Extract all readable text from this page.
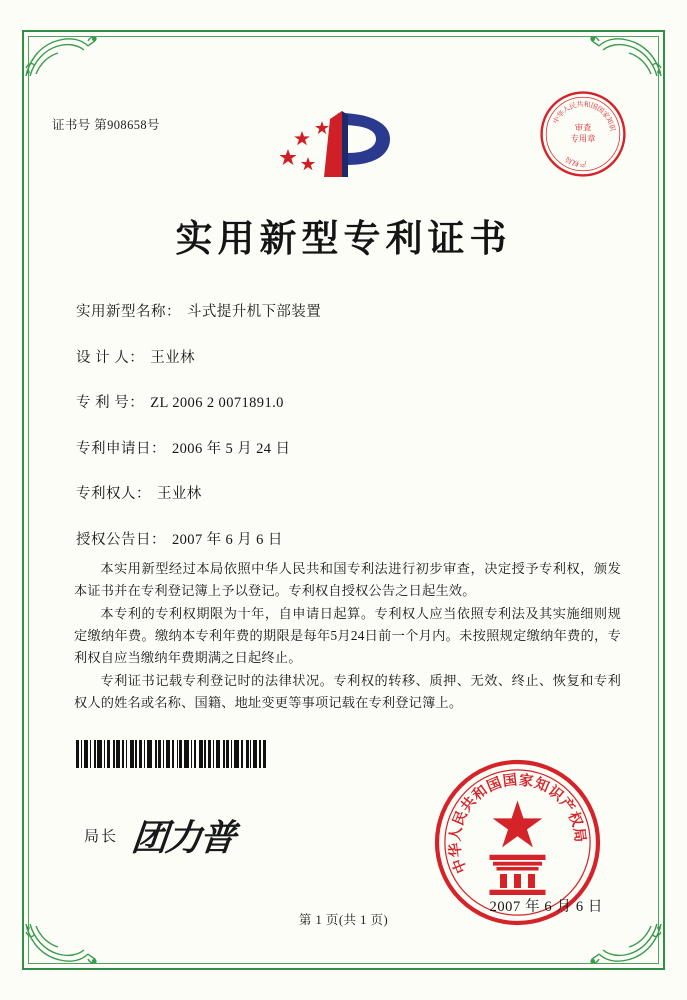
证书号 第908658号	中
华
人
民
共 和
国
国
家
知
识
产
权
局
审查
专用章
实用新型专利证书
实用新型名称： 斗式提升机下部装置
设 计 人： 王业林
专 利 号： ZL 2006 2 0071891.0
专利申请日： 2006 年 5 月 24 日
专利权人： 王业林
授权公告日： 2007 年 6 月 6 日

本实用新型经过本局依照中华人民共和国专利法进行初步审查，决定授予专利权，颁发本证书并在专利登记簿上予以登记。专利权自授权公告之日起生效。

本专利的专利权期限为十年，自申请日起算。专利权人应当依照专利法及其实施细则规定缴纳年费。缴纳本专利年费的期限是每年5月24日前一个月内。未按照规定缴纳年费的，专利权自应当缴纳年费期满之日起终止。

专利证书记载专利登记时的法律状况。专利权的转移、质押、无效、终止、恢复和专利权人的姓名或名称、国籍、地址变更等事项记载在专利登记簿上。

局长 团力普
中
华
人
民
共
和
国
国 家
知
识
产
权
局
2007 年 6 月 6 日
第 1 页(共 1 页)
